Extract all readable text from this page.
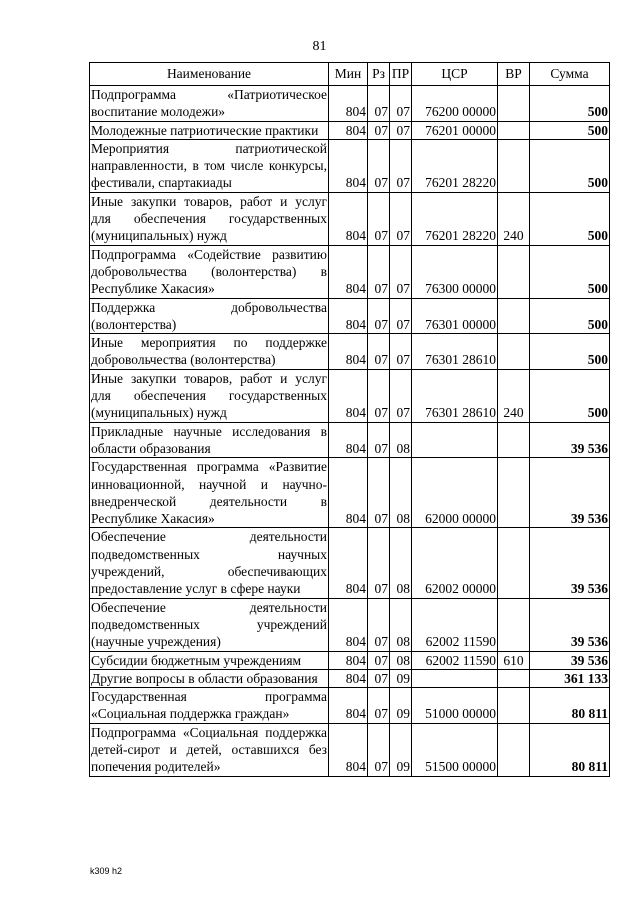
81
Наименование	Мин	Рз	ПР	ЦСР	ВР	Сумма
Подпрограмма «Патриотическое воспитание молодежи»	804	07	07	76200 00000		500
Молодежные патриотические практики	804	07	07	76201 00000		500
Мероприятия патриотической направленности, в том числе конкурсы, фестивали, спартакиады	804	07	07	76201 28220		500
Иные закупки товаров, работ и услуг для обеспечения государственных (муниципальных) нужд	804	07	07	76201 28220	240	500
Подпрограмма «Содействие развитию добровольчества (волонтерства) в Республике Хакасия»	804	07	07	76300 00000		500
Поддержка добровольчества (волонтерства)	804	07	07	76301 00000		500
Иные мероприятия по поддержке добровольчества (волонтерства)	804	07	07	76301 28610		500
Иные закупки товаров, работ и услуг для обеспечения государственных (муниципальных) нужд	804	07	07	76301 28610	240	500
Прикладные научные исследования в области образования	804	07	08			39 536
Государственная программа «Развитие инновационной, научной и научно-внедренческой деятельности в Республике Хакасия»	804	07	08	62000 00000		39 536
Обеспечение деятельности подведомственных научных учреждений, обеспечивающих предоставление услуг в сфере науки	804	07	08	62002 00000		39 536
Обеспечение деятельности подведомственных учреждений (научные учреждения)	804	07	08	62002 11590		39 536
Субсидии бюджетным учреждениям	804	07	08	62002 11590	610	39 536
Другие вопросы в области образования	804	07	09			361 133
Государственная программа «Социальная поддержка граждан»	804	07	09	51000 00000		80 811
Подпрограмма «Социальная поддержка детей-сирот и детей, оставшихся без попечения родителей»	804	07	09	51500 00000		80 811
k309 h2
